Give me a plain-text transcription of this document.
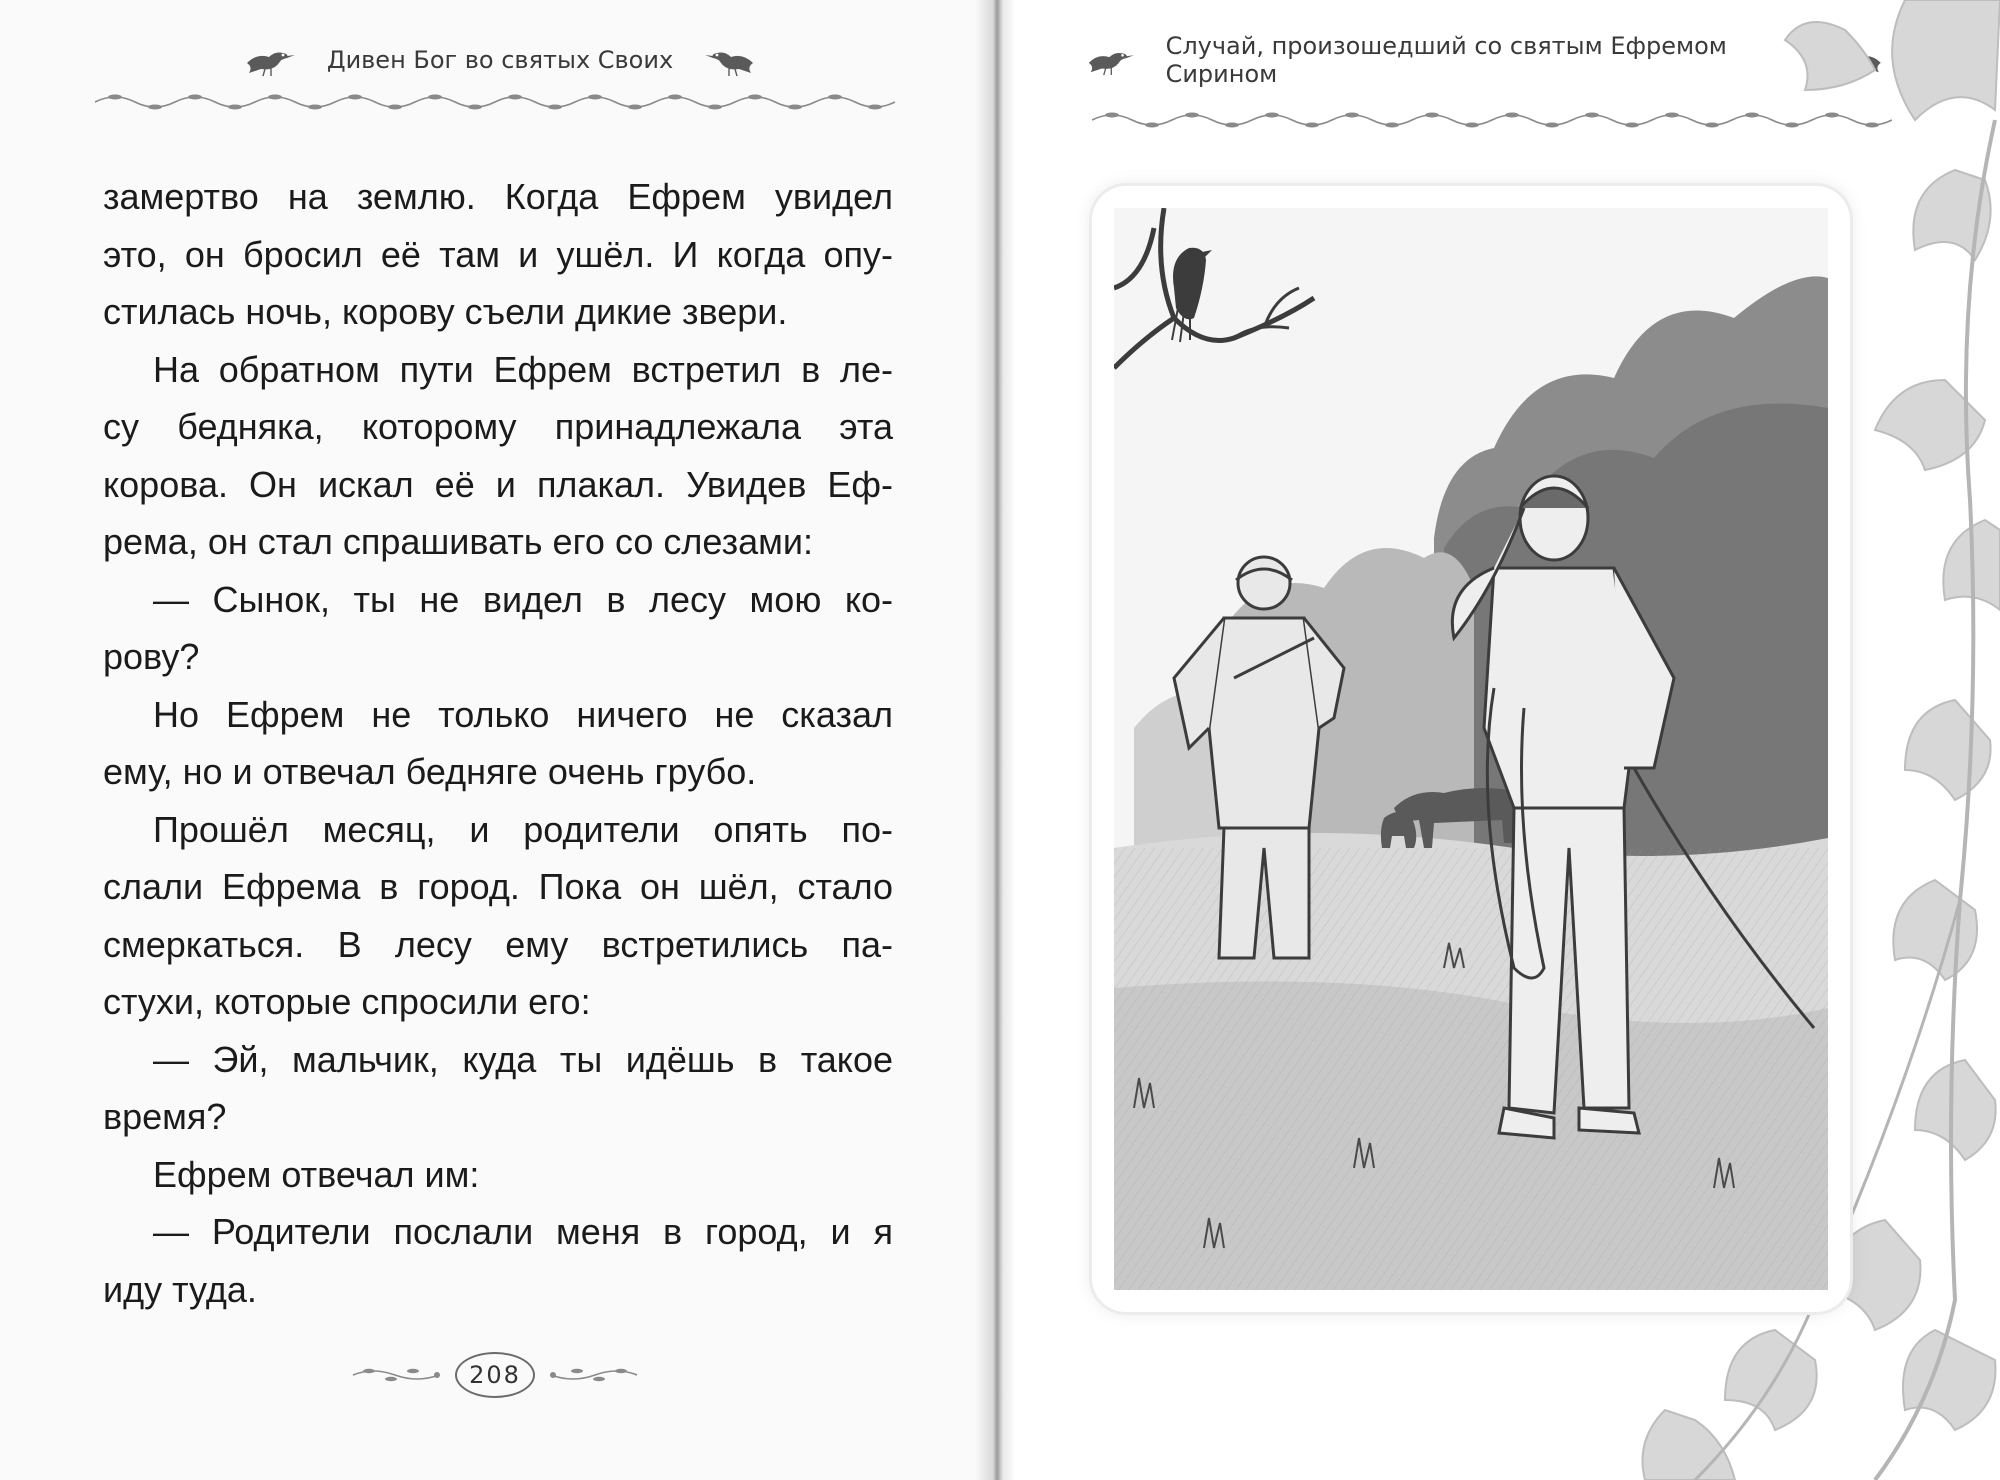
Дивен Бог во святых Своих
замертво на землю. Когда Ефрем увидел
это, он бросил её там и ушёл. И когда опу-
стилась ночь, корову съели дикие звери.
На обратном пути Ефрем встретил в ле-
су бедняка, которому принадлежала эта
корова. Он искал её и плакал. Увидев Еф-
рема, он стал спрашивать его со слезами:
— Сынок, ты не видел в лесу мою ко-
рову?
Но Ефрем не только ничего не сказал
ему, но и отвечал бедняге очень грубо.
Прошёл месяц, и родители опять по-
слали Ефрема в город. Пока он шёл, стало
смеркаться. В лесу ему встретились па-
стухи, которые спросили его:
— Эй, мальчик, куда ты идёшь в такое
время?
Ефрем отвечал им:
— Родители послали меня в город, и я
иду туда.
208
Случай, произошедший со святым Ефремом Сирином
